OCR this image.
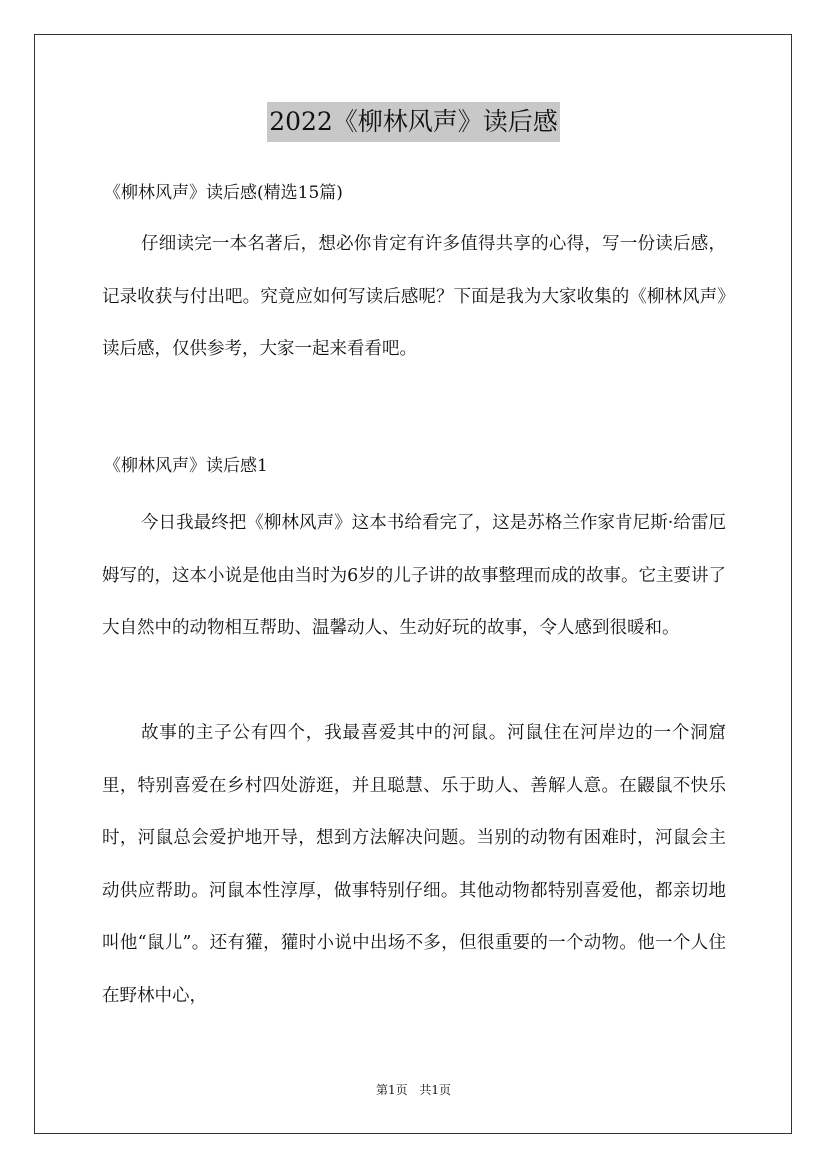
2022《柳林风声》读后感
《柳林风声》读后感(精选15篇)

仔细读完一本名著后，想必你肯定有许多值得共享的心得，写一份读后感，记录收获与付出吧。究竟应如何写读后感呢？下面是我为大家收集的《柳林风声》读后感，仅供参考，大家一起来看看吧。

《柳林风声》读后感1

今日我最终把《柳林风声》这本书给看完了，这是苏格兰作家肯尼斯·给雷厄姆写的，这本小说是他由当时为6岁的儿子讲的故事整理而成的故事。它主要讲了大自然中的动物相互帮助、温馨动人、生动好玩的故事，令人感到很暖和。

故事的主子公有四个，我最喜爱其中的河鼠。河鼠住在河岸边的一个洞窟里，特别喜爱在乡村四处游逛，并且聪慧、乐于助人、善解人意。在鼹鼠不快乐时，河鼠总会爱护地开导，想到方法解决问题。当别的动物有困难时，河鼠会主动供应帮助。河鼠本性淳厚，做事特别仔细。其他动物都特别喜爱他，都亲切地叫他“鼠儿”。还有獾，獾时小说中出场不多，但很重要的一个动物。他一个人住在野林中心，

第1页 共1页
